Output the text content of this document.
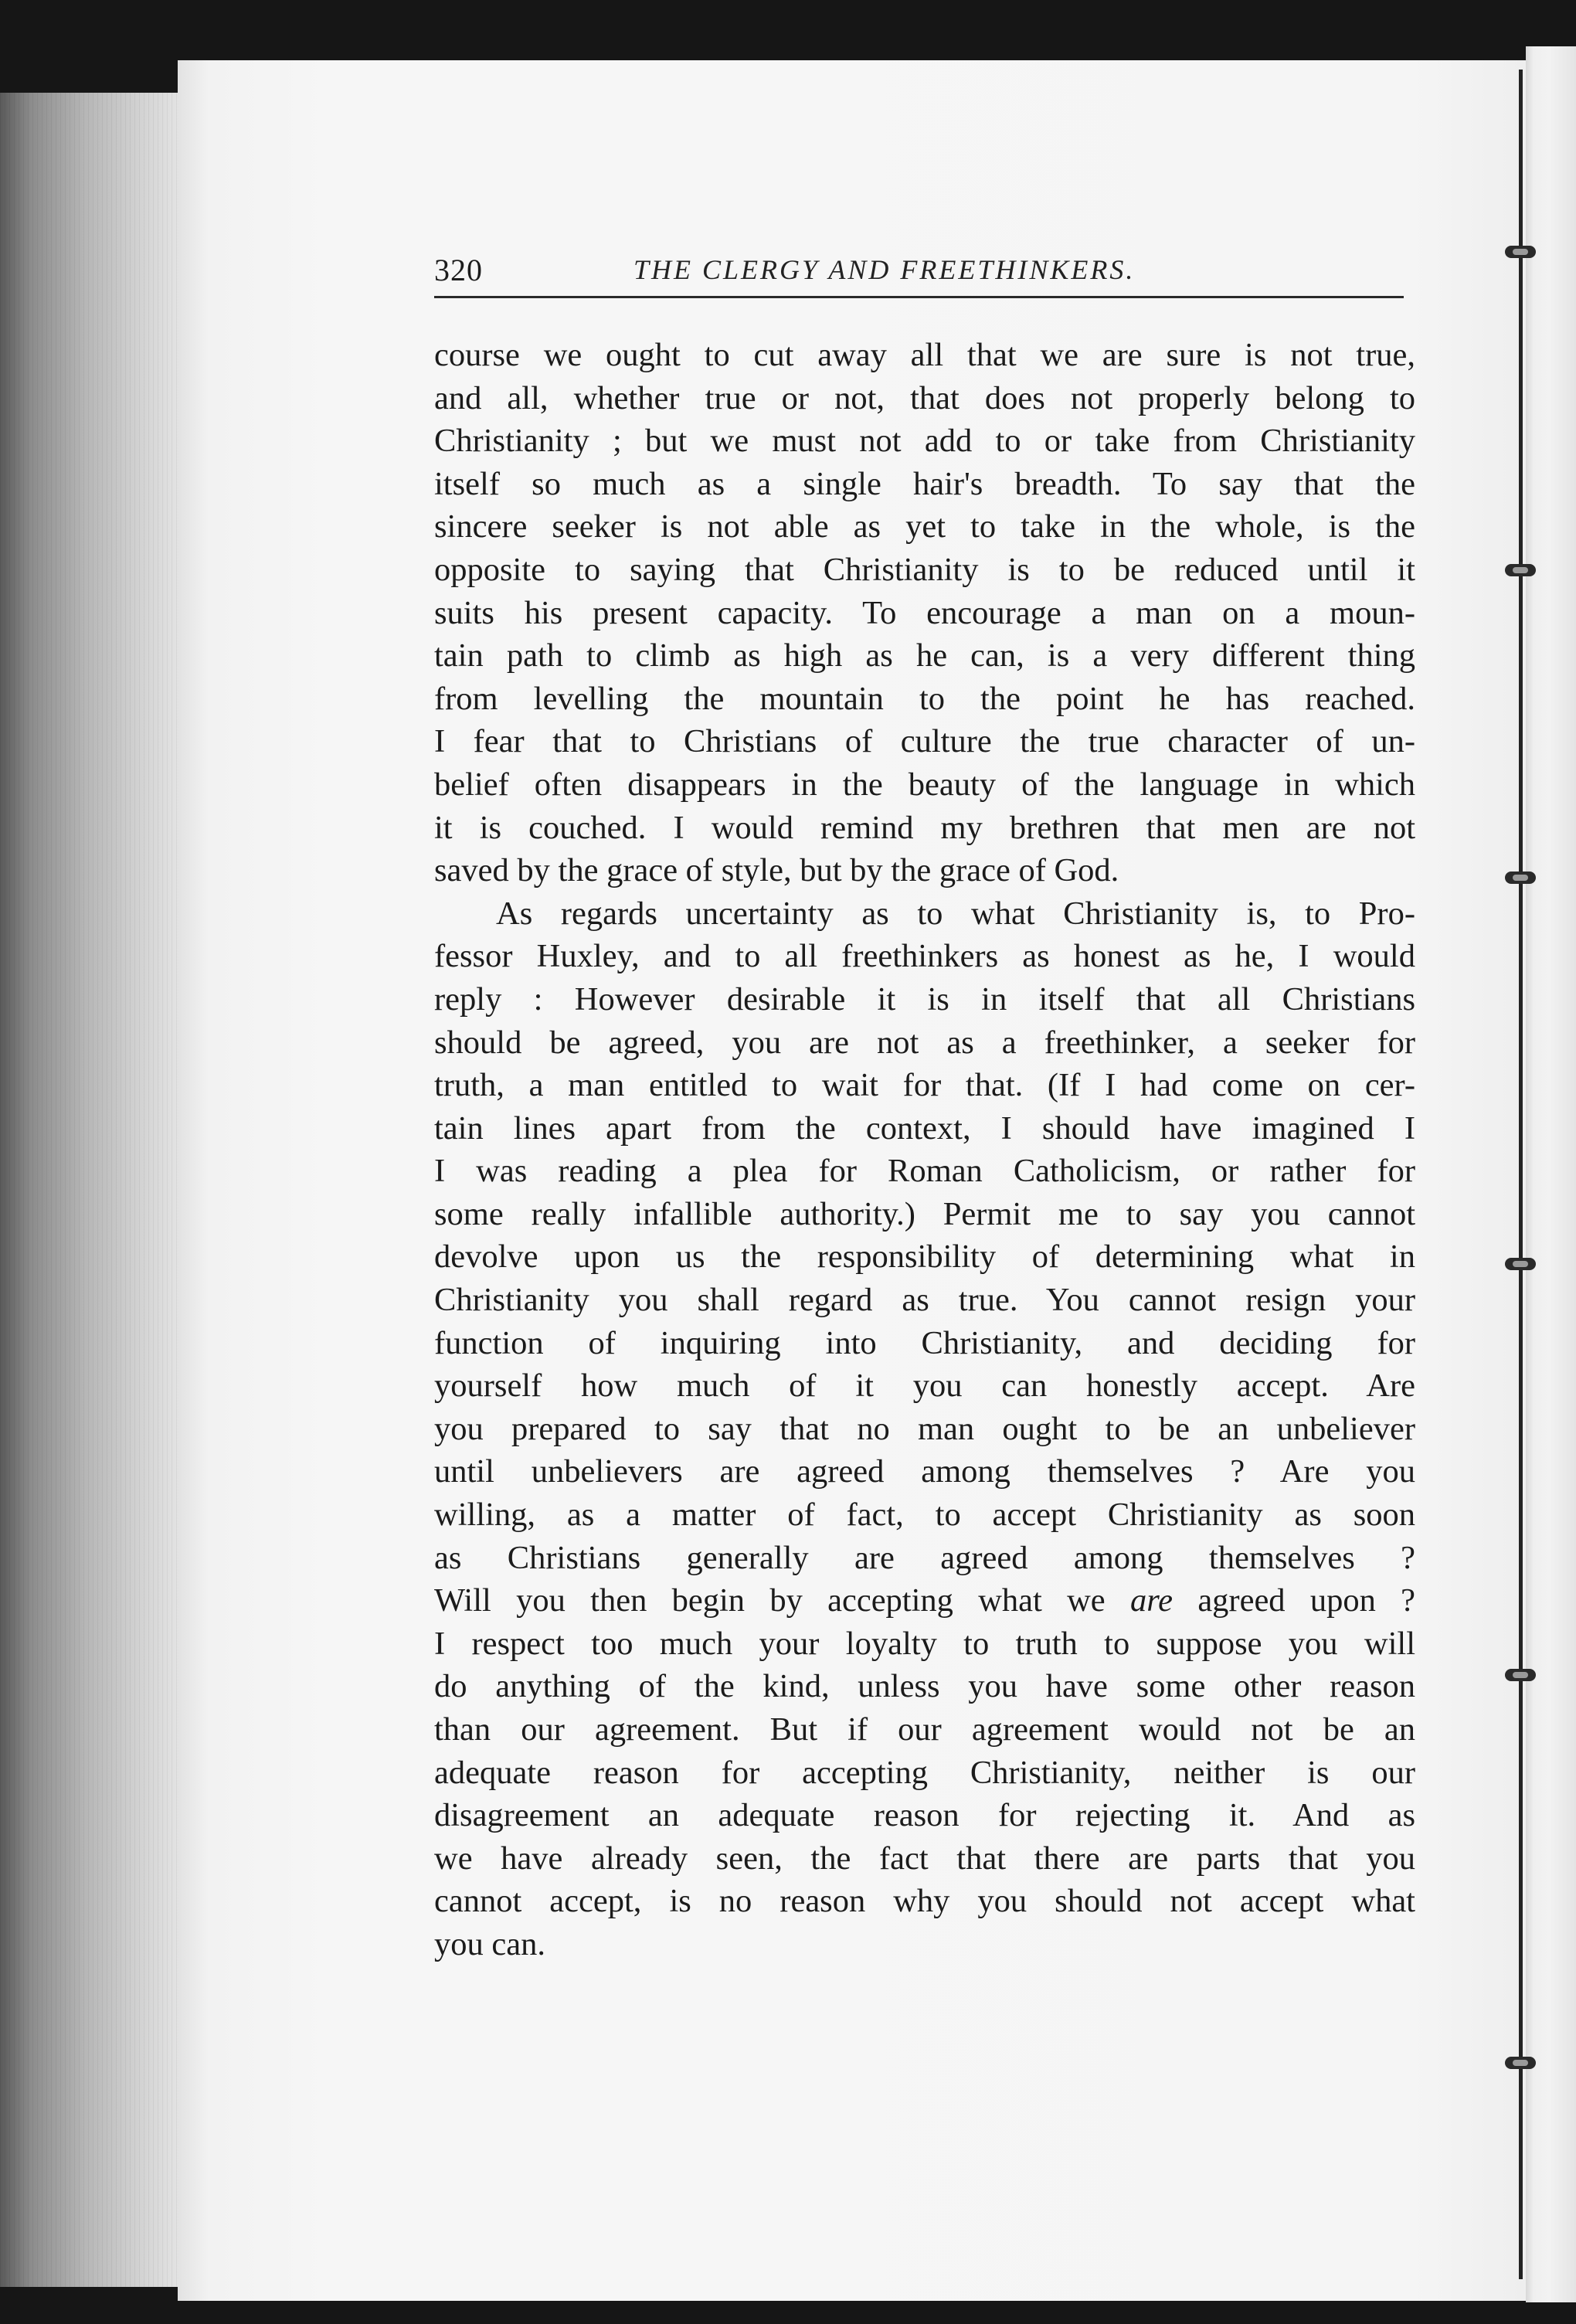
320	THE CLERGY AND FREETHINKERS.
course we ought to cut away all that we are sure is not true,
and all, whether true or not, that does not properly belong to
Christianity ; but we must not add to or take from Christianity
itself so much as a single hair's breadth. To say that the
sincere seeker is not able as yet to take in the whole, is the
opposite to saying that Christianity is to be reduced until it
suits his present capacity. To encourage a man on a moun-
tain path to climb as high as he can, is a very different thing
from levelling the mountain to the point he has reached.
I fear that to Christians of culture the true character of un-
belief often disappears in the beauty of the language in which
it is couched. I would remind my brethren that men are not
saved by the grace of style, but by the grace of God.
As regards uncertainty as to what Christianity is, to Pro-
fessor Huxley, and to all freethinkers as honest as he, I would
reply : However desirable it is in itself that all Christians
should be agreed, you are not as a freethinker, a seeker for
truth, a man entitled to wait for that. (If I had come on cer-
tain lines apart from the context, I should have imagined I
I was reading a plea for Roman Catholicism, or rather for
some really infallible authority.) Permit me to say you cannot
devolve upon us the responsibility of determining what in
Christianity you shall regard as true. You cannot resign your
function of inquiring into Christianity, and deciding for
yourself how much of it you can honestly accept. Are
you prepared to say that no man ought to be an unbeliever
until unbelievers are agreed among themselves ? Are you
willing, as a matter of fact, to accept Christianity as soon
as Christians generally are agreed among themselves ?
Will you then begin by accepting what we are agreed upon ?
I respect too much your loyalty to truth to suppose you will
do anything of the kind, unless you have some other reason
than our agreement. But if our agreement would not be an
adequate reason for accepting Christianity, neither is our
disagreement an adequate reason for rejecting it. And as
we have already seen, the fact that there are parts that you
cannot accept, is no reason why you should not accept what
you can.
